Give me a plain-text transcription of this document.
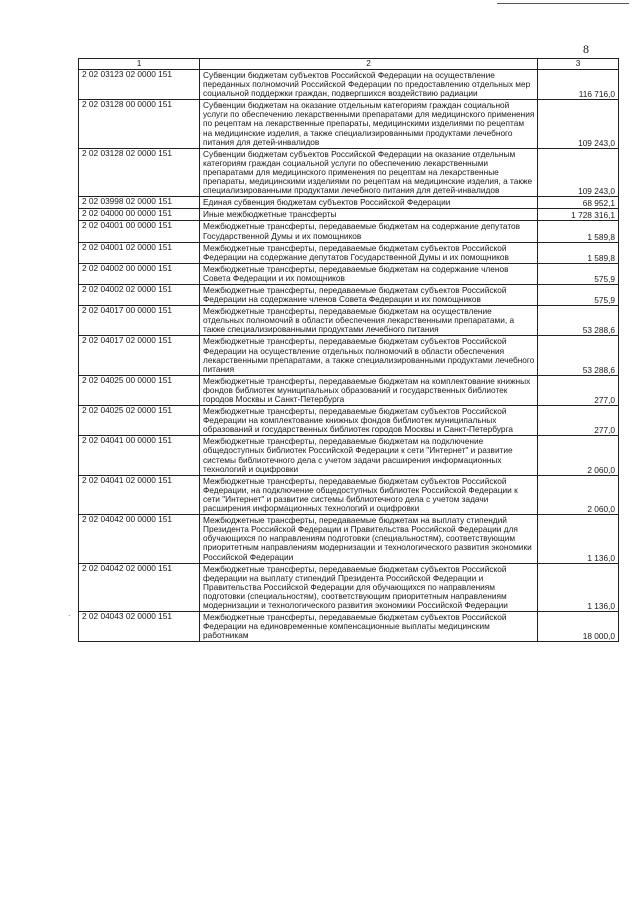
8
.
1	2	3
2 02 03123 02 0000 151	Субвенции бюджетам субъектов Российской Федерации на осуществление переданных полномочий Российской Федерации по предоставлению отдельных мер социальной поддержки граждан, подвергшихся воздействию радиации	116 716,0
2 02 03128 00 0000 151	Субвенции бюджетам на оказание отдельным категориям граждан социальной услуги по обеспечению лекарственными препаратами для медицинского применения по рецептам на лекарственные препараты, медицинскими изделиями по рецептам на медицинские изделия, а также специализированными продуктами лечебного питания для детей-инвалидов	109 243,0
2 02 03128 02 0000 151	Субвенции бюджетам субъектов Российской Федерации на оказание отдельным категориям граждан социальной услуги по обеспечению лекарственными препаратами для медицинского применения по рецептам на лекарственные препараты, медицинскими изделиями по рецептам на медицинские изделия, а также специализированными продуктами лечебного питания для детей-инвалидов	109 243,0
2 02 03998 02 0000 151	Единая субвенция бюджетам субъектов Российской Федерации	68 952,1
2 02 04000 00 0000 151	Иные межбюджетные трансферты	1 728 316,1
2 02 04001 00 0000 151	Межбюджетные трансферты, передаваемые бюджетам на содержание депутатов Государственной Думы и их помощников	1 589,8
2 02 04001 02 0000 151	Межбюджетные трансферты, передаваемые бюджетам субъектов Российской Федерации на содержание депутатов Государственной Думы и их помощников	1 589,8
2 02 04002 00 0000 151	Межбюджетные трансферты, передаваемые бюджетам на содержание членов Совета Федерации и их помощников	575,9
2 02 04002 02 0000 151	Межбюджетные трансферты, передаваемые бюджетам субъектов Российской Федерации на содержание членов Совета Федерации и их помощников	575,9
2 02 04017 00 0000 151	Межбюджетные трансферты, передаваемые бюджетам на осуществление отдельных полномочий в области обеспечения лекарственными препаратами, а также специализированными продуктами лечебного питания	53 288,6
2 02 04017 02 0000 151	Межбюджетные трансферты, передаваемые бюджетам субъектов Российской Федерации на осуществление отдельных полномочий в области обеспечения лекарственными препаратами, а также специализированными продуктами лечебного питания	53 288,6
2 02 04025 00 0000 151	Межбюджетные трансферты, передаваемые бюджетам на комплектование книжных фондов библиотек муниципальных образований и государственных библиотек городов Москвы и Санкт-Петербурга	277,0
2 02 04025 02 0000 151	Межбюджетные трансферты, передаваемые бюджетам субъектов Российской Федерации на комплектование книжных фондов библиотек муниципальных образований и государственных библиотек городов Москвы и Санкт-Петербурга	277,0
2 02 04041 00 0000 151	Межбюджетные трансферты, передаваемые бюджетам на подключение общедоступных библиотек Российской Федерации к сети "Интернет" и развитие системы библиотечного дела с учетом задачи расширения информационных технологий и оцифровки	2 060,0
2 02 04041 02 0000 151	Межбюджетные трансферты, передаваемые бюджетам субъектов Российской Федерации, на подключение общедоступных библиотек Российской Федерации к сети "Интернет" и развитие системы библиотечного дела с учетом задачи расширения информационных технологий и оцифровки	2 060,0
2 02 04042 00 0000 151	Межбюджетные трансферты, передаваемые бюджетам на выплату стипендий Президента Российской Федерации и Правительства Российской Федерации для обучающихся по направлениям подготовки (специальностям), соответствующим приоритетным направлениям модернизации и технологического развития экономики Российской Федерации	1 136,0
2 02 04042 02 0000 151	Межбюджетные трансферты, передаваемые бюджетам субъектов Российской федерации на выплату стипендий Президента Российской Федерации и Правительства Российской Федерации для обучающихся по направлениям подготовки (специальностям), соответствующим приоритетным направлениям модернизации и технологического развития экономики Российской Федерации	1 136,0
2 02 04043 02 0000 151	Межбюджетные трансферты, передаваемые бюджетам субъектов Российской Федерации на единовременные компенсационные выплаты медицинским работникам	18 000,0
